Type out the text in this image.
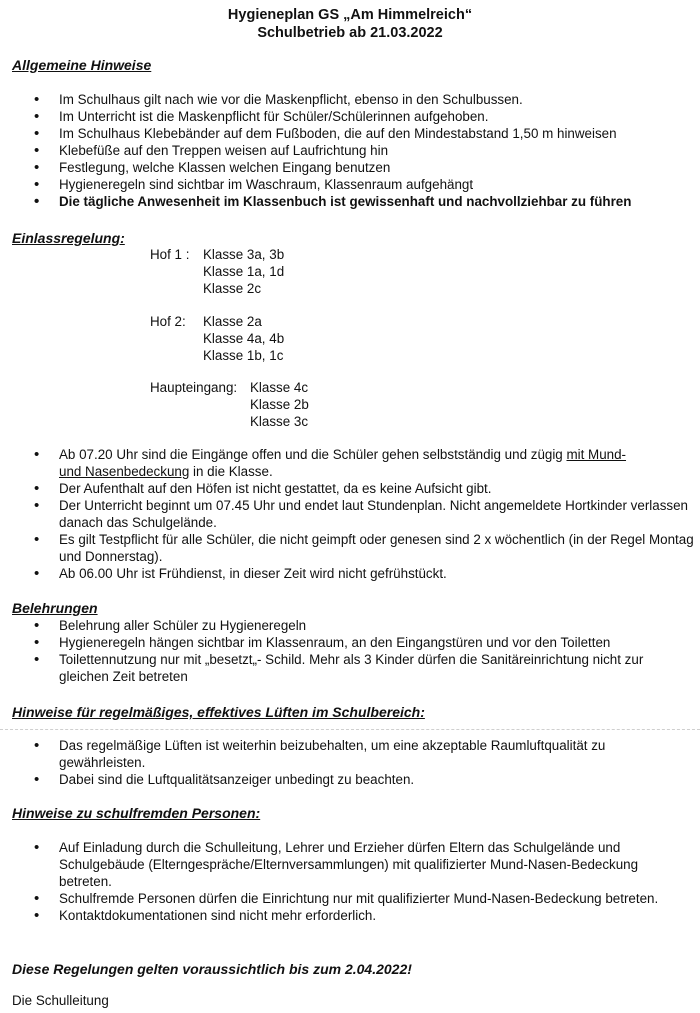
Hygieneplan GS „Am Himmelreich“
Schulbetrieb ab 21.03.2022
Allgemeine Hinweise
• Im Schulhaus gilt nach wie vor die Maskenpflicht, ebenso in den Schulbussen.
• Im Unterricht ist die Maskenpflicht für Schüler/Schülerinnen aufgehoben.
• Im Schulhaus Klebebänder auf dem Fußboden, die auf den Mindestabstand 1,50 m hinweisen
• Klebefüße auf den Treppen weisen auf Laufrichtung hin
• Festlegung, welche Klassen welchen Eingang benutzen
• Hygieneregeln sind sichtbar im Waschraum, Klassenraum aufgehängt
• Die tägliche Anwesenheit im Klassenbuch ist gewissenhaft und nachvollziehbar zu führen
Einlassregelung:
Hof 1 : Klasse 3a, 3b
Klasse 1a, 1d
Klasse 2c
Hof 2: Klasse 2a
Klasse 4a, 4b
Klasse 1b, 1c
Haupteingang: Klasse 4c
Klasse 2b
Klasse 3c
• Ab 07.20 Uhr sind die Eingänge offen und die Schüler gehen selbstständig und zügig mit Mund-
und Nasenbedeckung in die Klasse.
• Der Aufenthalt auf den Höfen ist nicht gestattet, da es keine Aufsicht gibt.
• Der Unterricht beginnt um 07.45 Uhr und endet laut Stundenplan. Nicht angemeldete Hortkinder verlassen danach das Schulgelände.
• Es gilt Testpflicht für alle Schüler, die nicht geimpft oder genesen sind 2 x wöchentlich (in der Regel Montag und Donnerstag).
• Ab 06.00 Uhr ist Frühdienst, in dieser Zeit wird nicht gefrühstückt.
Belehrungen
• Belehrung aller Schüler zu Hygieneregeln
• Hygieneregeln hängen sichtbar im Klassenraum, an den Eingangstüren und vor den Toiletten
• Toilettennutzung nur mit „besetzt„- Schild. Mehr als 3 Kinder dürfen die Sanitäreinrichtung nicht zur gleichen Zeit betreten
Hinweise für regelmäßiges, effektives Lüften im Schulbereich:
• Das regelmäßige Lüften ist weiterhin beizubehalten, um eine akzeptable Raumluftqualität zu gewährleisten.
• Dabei sind die Luftqualitätsanzeiger unbedingt zu beachten.
Hinweise zu schulfremden Personen:
• Auf Einladung durch die Schulleitung, Lehrer und Erzieher dürfen Eltern das Schulgelände und Schulgebäude (Elterngespräche/Elternversammlungen) mit qualifizierter Mund-Nasen-Bedeckung betreten.
• Schulfremde Personen dürfen die Einrichtung nur mit qualifizierter Mund-Nasen-Bedeckung betreten.
• Kontaktdokumentationen sind nicht mehr erforderlich.
Diese Regelungen gelten voraussichtlich bis zum 2.04.2022!
Die Schulleitung
